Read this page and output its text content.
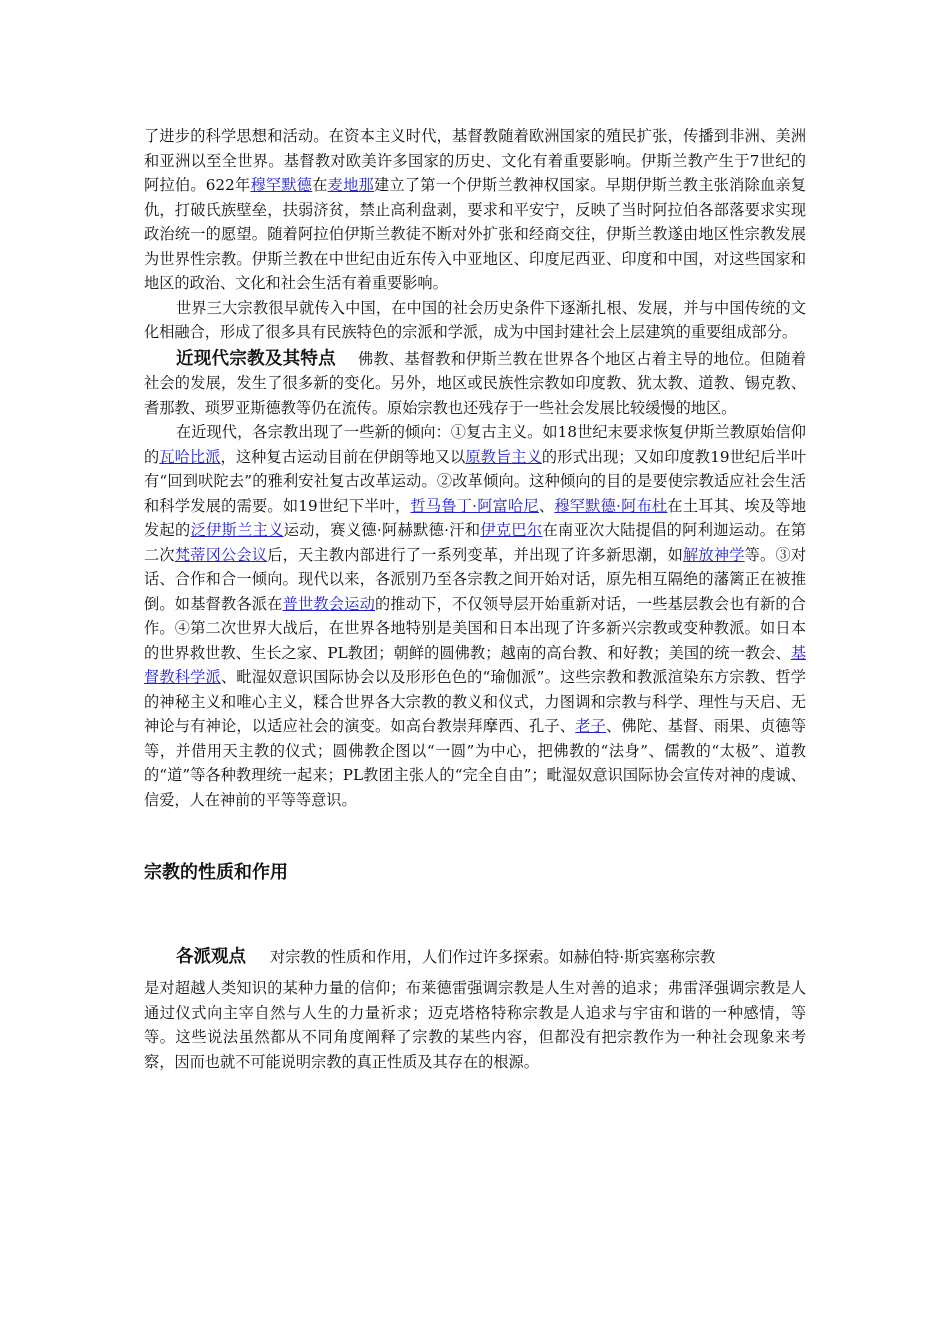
了进步的科学思想和活动。在资本主义时代，基督教随着欧洲国家的殖民扩张，传播到非洲、美洲和亚洲以至全世界。基督教对欧美许多国家的历史、文化有着重要影响。伊斯兰教产生于7世纪的阿拉伯。622年穆罕默德在麦地那建立了第一个伊斯兰教神权国家。早期伊斯兰教主张消除血亲复仇，打破氏族壁垒，扶弱济贫，禁止高利盘剥，要求和平安宁，反映了当时阿拉伯各部落要求实现政治统一的愿望。随着阿拉伯伊斯兰教徒不断对外扩张和经商交往，伊斯兰教遂由地区性宗教发展为世界性宗教。伊斯兰教在中世纪由近东传入中亚地区、印度尼西亚、印度和中国，对这些国家和地区的政治、文化和社会生活有着重要影响。

世界三大宗教很早就传入中国，在中国的社会历史条件下逐渐扎根、发展，并与中国传统的文化相融合，形成了很多具有民族特色的宗派和学派，成为中国封建社会上层建筑的重要组成部分。

近现代宗教及其特点 佛教、基督教和伊斯兰教在世界各个地区占着主导的地位。但随着社会的发展，发生了很多新的变化。另外，地区或民族性宗教如印度教、犹太教、道教、锡克教、耆那教、琐罗亚斯德教等仍在流传。原始宗教也还残存于一些社会发展比较缓慢的地区。

在近现代，各宗教出现了一些新的倾向：①复古主义。如18世纪末要求恢复伊斯兰教原始信仰的瓦哈比派，这种复古运动目前在伊朗等地又以原教旨主义的形式出现；又如印度教19世纪后半叶有“回到吠陀去”的雅利安社复古改革运动。②改革倾向。这种倾向的目的是要使宗教适应社会生活和科学发展的需要。如19世纪下半叶，哲马鲁丁·阿富哈尼、穆罕默德·阿布杜在土耳其、埃及等地发起的泛伊斯兰主义运动，赛义德·阿赫默德·汗和伊克巴尔在南亚次大陆提倡的阿利迦运动。在第二次梵蒂冈公会议后，天主教内部进行了一系列变革，并出现了许多新思潮，如解放神学等。③对话、合作和合一倾向。现代以来，各派别乃至各宗教之间开始对话，原先相互隔绝的藩篱正在被推倒。如基督教各派在普世教会运动的推动下，不仅领导层开始重新对话，一些基层教会也有新的合作。④第二次世界大战后，在世界各地特别是美国和日本出现了许多新兴宗教或变种教派。如日本的世界救世教、生长之家、PL教团；朝鲜的圆佛教；越南的高台教、和好教；美国的统一教会、基督教科学派、毗湿奴意识国际协会以及形形色色的“瑜伽派”。这些宗教和教派渲染东方宗教、哲学的神秘主义和唯心主义，糅合世界各大宗教的教义和仪式，力图调和宗教与科学、理性与天启、无神论与有神论，以适应社会的演变。如高台教崇拜摩西、孔子、老子、佛陀、基督、雨果、贞德等等，并借用天主教的仪式；圆佛教企图以“一圆”为中心，把佛教的“法身”、儒教的“太极”、道教的“道”等各种教理统一起来；PL教团主张人的“完全自由”；毗湿奴意识国际协会宣传对神的虔诚、信爱，人在神前的平等等意识。

宗教的性质和作用

各派观点 对宗教的性质和作用，人们作过许多探索。如赫伯特·斯宾塞称宗教

是对超越人类知识的某种力量的信仰；布莱德雷强调宗教是人生对善的追求；弗雷泽强调宗教是人通过仪式向主宰自然与人生的力量祈求；迈克塔格特称宗教是人追求与宇宙和谐的一种感情，等等。这些说法虽然都从不同角度阐释了宗教的某些内容，但都没有把宗教作为一种社会现象来考察，因而也就不可能说明宗教的真正性质及其存在的根源。
